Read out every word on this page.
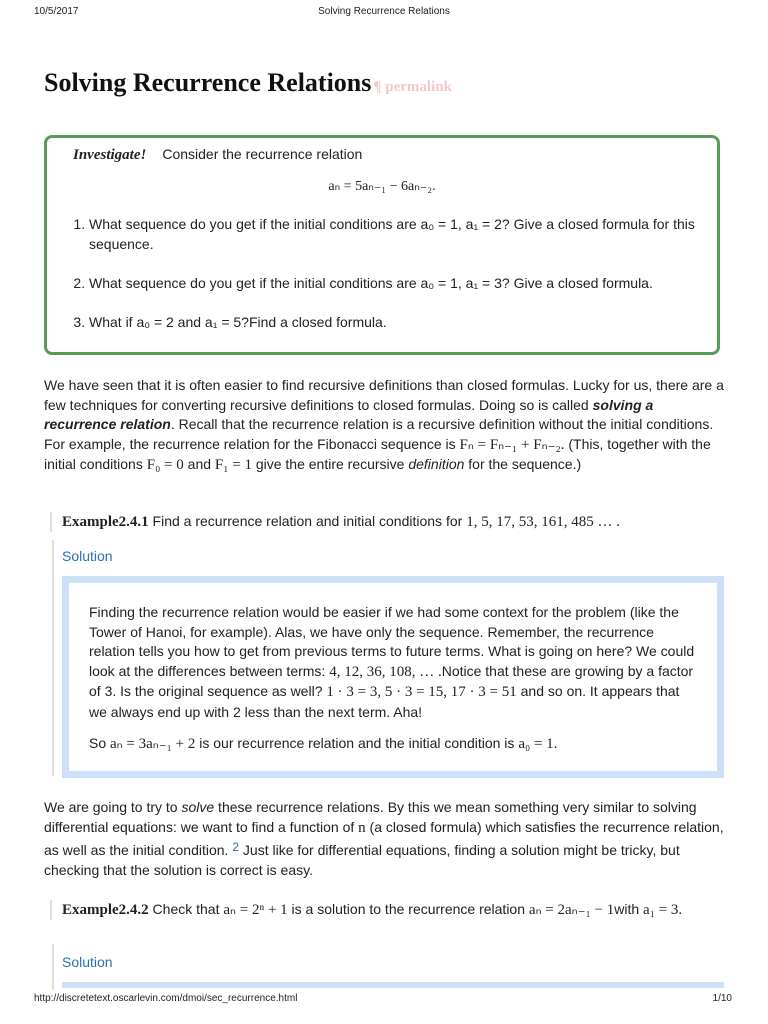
10/5/2017	Solving Recurrence Relations
Solving Recurrence Relations ¶ permalink
Investigate! Consider the recurrence relation
aₙ = 5aₙ₋₁ − 6aₙ₋₂.
1. What sequence do you get if the initial conditions are a₀ = 1, a₁ = 2? Give a closed formula for this sequence.
2. What sequence do you get if the initial conditions are a₀ = 1, a₁ = 3? Give a closed formula.
3. What if a₀ = 2 and a₁ = 5?Find a closed formula.

We have seen that it is often easier to find recursive definitions than closed formulas. Lucky for us, there are a few techniques for converting recursive definitions to closed formulas. Doing so is called solving a recurrence relation. Recall that the recurrence relation is a recursive definition without the initial conditions. For example, the recurrence relation for the Fibonacci sequence is Fₙ = Fₙ₋₁ + Fₙ₋₂. (This, together with the initial conditions F₀ = 0 and F₁ = 1 give the entire recursive definition for the sequence.)

Example2.4.1 Find a recurrence relation and initial conditions for 1, 5, 17, 53, 161, 485 … .
Solution

Finding the recurrence relation would be easier if we had some context for the problem (like the Tower of Hanoi, for example). Alas, we have only the sequence. Remember, the recurrence relation tells you how to get from previous terms to future terms. What is going on here? We could look at the differences between terms: 4, 12, 36, 108, … .Notice that these are growing by a factor of 3. Is the original sequence as well? 1 · 3 = 3, 5 · 3 = 15, 17 · 3 = 51 and so on. It appears that we always end up with 2 less than the next term. Aha!

So aₙ = 3aₙ₋₁ + 2 is our recurrence relation and the initial condition is a₀ = 1.

We are going to try to solve these recurrence relations. By this we mean something very similar to solving differential equations: we want to find a function of n (a closed formula) which satisfies the recurrence relation, as well as the initial condition. 2 Just like for differential equations, finding a solution might be tricky, but checking that the solution is correct is easy.

Example2.4.2 Check that aₙ = 2ⁿ + 1 is a solution to the recurrence relation aₙ = 2aₙ₋₁ − 1with a₁ = 3.
Solution
http://discretetext.oscarlevin.com/dmoi/sec_recurrence.html	1/10
